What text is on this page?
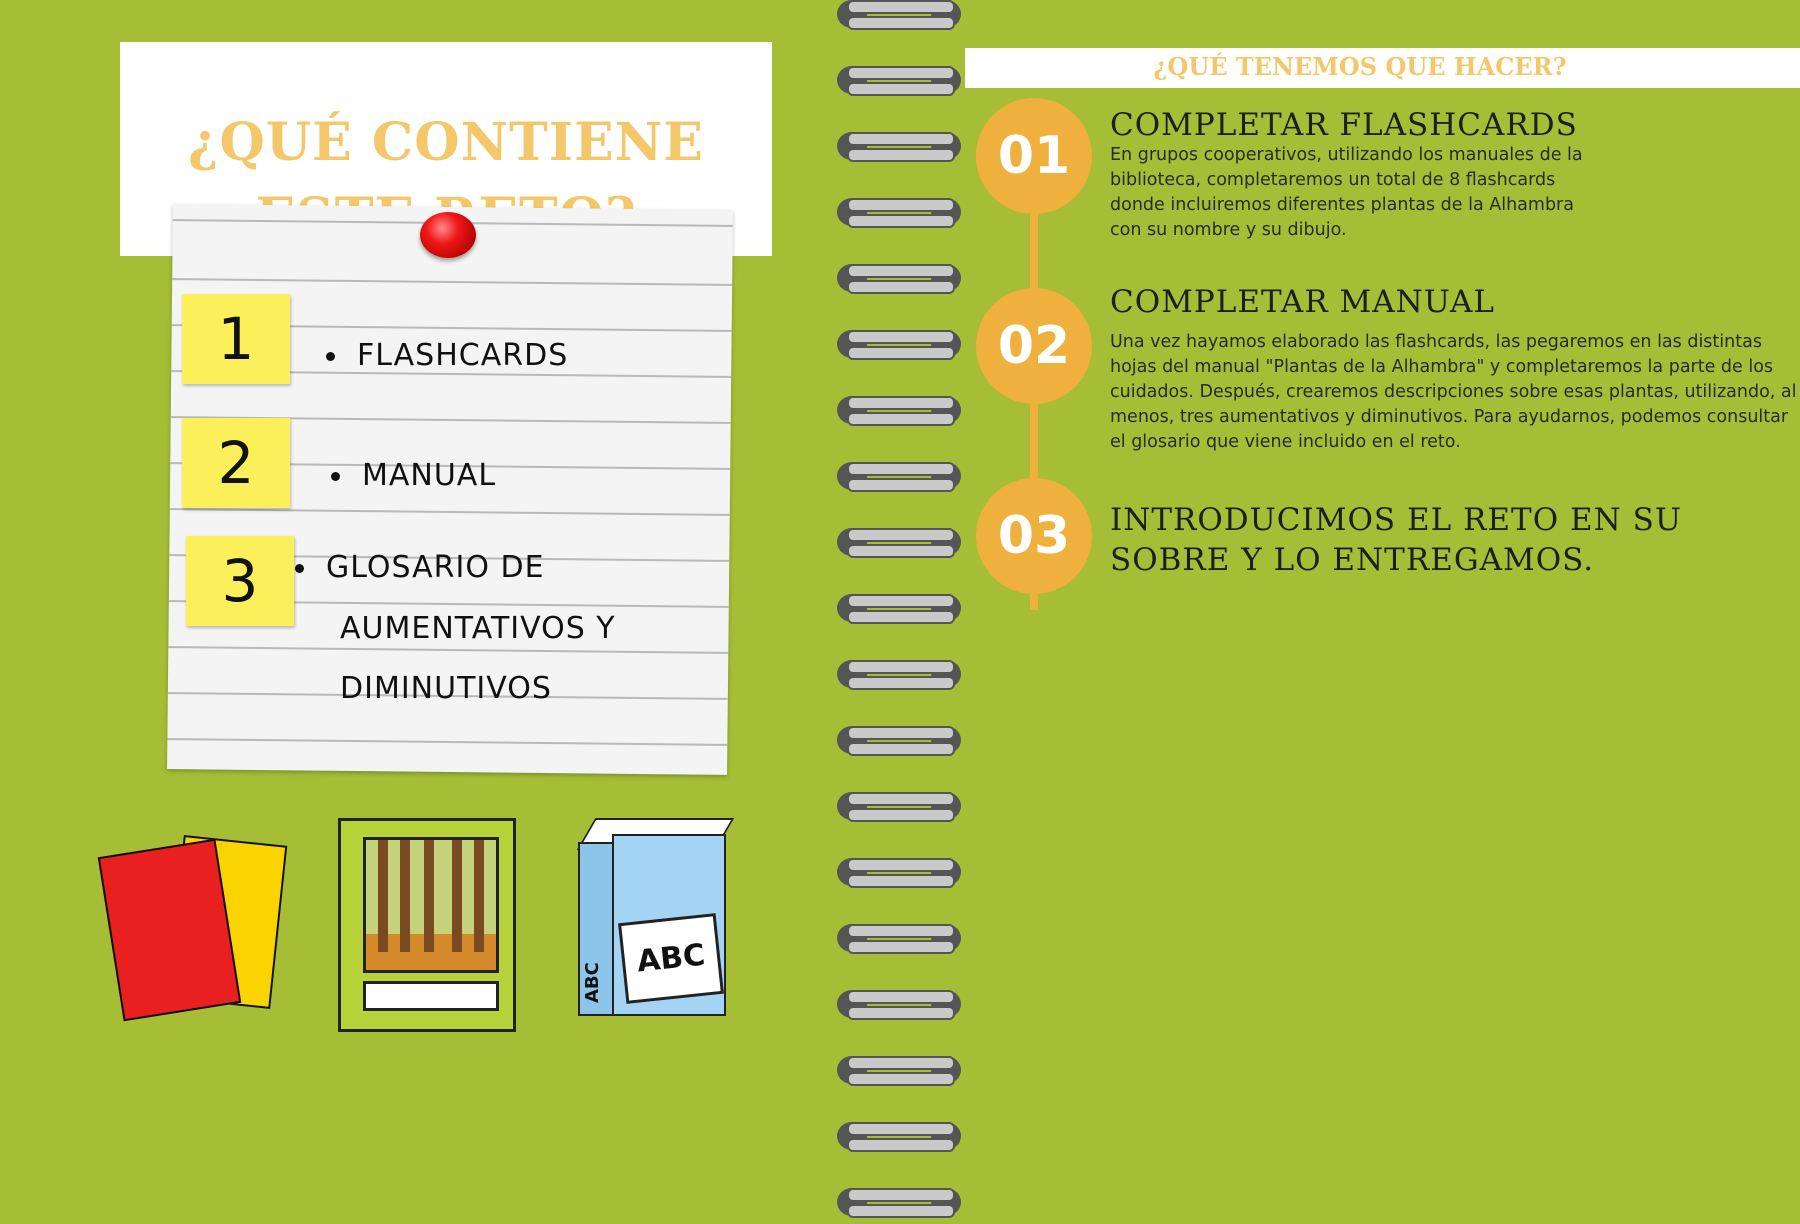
¿QUÉ CONTIENE
1
2
3
FLASHCARDS
MANUAL
GLOSARIO DE
AUMENTATIVOS Y
DIMINUTIVOS
ABC
ABC
¿QUÉ TENEMOS QUE HACER?
01
02
03
COMPLETAR FLASHCARDS
En grupos cooperativos, utilizando los manuales de la biblioteca, completaremos un total de 8 flashcards donde incluiremos diferentes plantas de la Alhambra con su nombre y su dibujo.
COMPLETAR MANUAL
Una vez hayamos elaborado las flashcards, las pegaremos en las distintas hojas del manual "Plantas de la Alhambra" y completaremos la parte de los cuidados. Después, crearemos descripciones sobre esas plantas, utilizando, al menos, tres aumentativos y diminutivos. Para ayudarnos, podemos consultar el glosario que viene incluido en el reto.
INTRODUCIMOS EL RETO EN SU SOBRE Y LO ENTREGAMOS.
